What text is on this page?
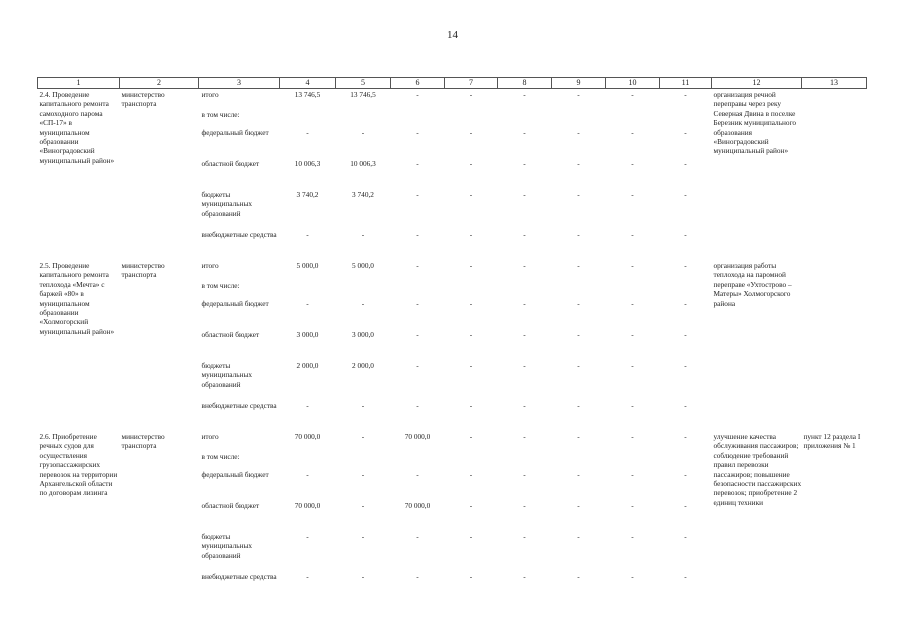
14
1	2	3	4	5	6	7	8	9	10	11	12	13
2.4. Проведение капитального ремонта самоходного парома «СП-17» в муниципальном образовании «Виноградовский муниципальный район»	министерство транспорта	итого	13 746,5	13 746,5	-	-	-	-	-	-	организация речной переправы через реку Северная Двина в поселке Березник муниципального образования «Виноградовский муниципальный район»	
		в том числе:										
		федеральный бюджет	-	-	-	-	-	-	-	-		
		областной бюджет	10 006,3	10 006,3	-	-	-	-	-	-		
		бюджеты муниципальных образований	3 740,2	3 740,2	-	-	-	-	-	-		
		внебюджетные средства	-	-	-	-	-	-	-	-		
2.5. Проведение капитального ремонта теплохода «Мечта» с баржей «80» в муниципальном образовании «Холмогорский муниципальный район»	министерство транспорта	итого	5 000,0	5 000,0	-	-	-	-	-	-	организация работы теплохода на паромной переправе «Ухтострово – Матеры» Холмогорского района	
		в том числе:										
		федеральный бюджет	-	-	-	-	-	-	-	-		
		областной бюджет	3 000,0	3 000,0	-	-	-	-	-	-		
		бюджеты муниципальных образований	2 000,0	2 000,0	-	-	-	-	-	-		
		внебюджетные средства	-	-	-	-	-	-	-	-		
2.6. Приобретение речных судов для осуществления грузопассажирских перевозок на территории Архангельской области по договорам лизинга	министерство транспорта	итого	70 000,0	-	70 000,0	-	-	-	-	-	улучшение качества обслуживания пассажиров; соблюдение требований правил перевозки пассажиров; повышение безопасности пассажирских перевозок; приобретение 2 единиц техники	пункт 12 раздела I приложения № 1
		в том числе:										
		федеральный бюджет	-	-	-	-	-	-	-	-		
		областной бюджет	70 000,0	-	70 000,0	-	-	-	-	-		
		бюджеты муниципальных образований	-	-	-	-	-	-	-	-		
		внебюджетные средства	-	-	-	-	-	-	-	-		
